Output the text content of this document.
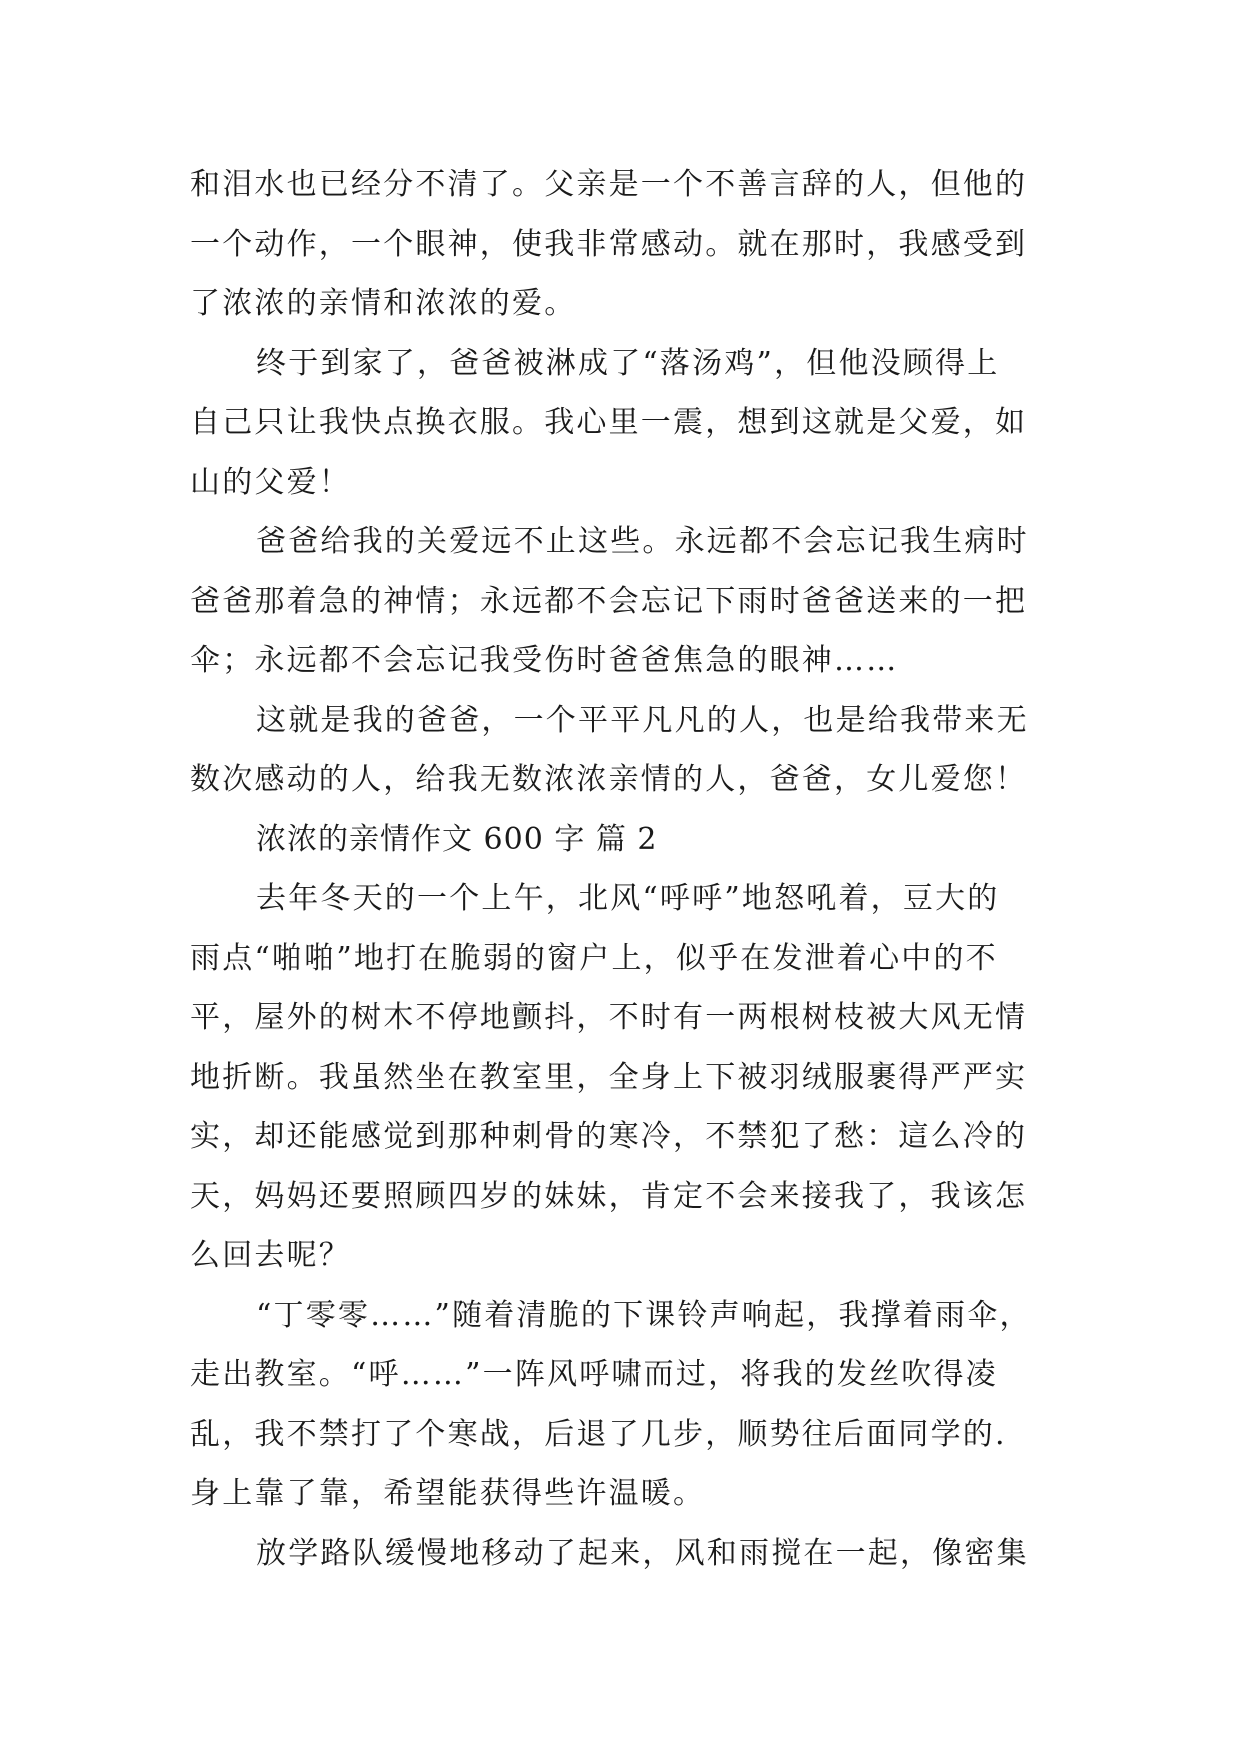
和泪水也已经分不清了。父亲是一个不善言辞的人，但他的
一个动作，一个眼神，使我非常感动。就在那时，我感受到
了浓浓的亲情和浓浓的爱。
终于到家了，爸爸被淋成了“落汤鸡”，但他没顾得上
自己只让我快点换衣服。我心里一震，想到这就是父爱，如
山的父爱！
爸爸给我的关爱远不止这些。永远都不会忘记我生病时
爸爸那着急的神情；永远都不会忘记下雨时爸爸送来的一把
伞；永远都不会忘记我受伤时爸爸焦急的眼神……
这就是我的爸爸，一个平平凡凡的人，也是给我带来无
数次感动的人，给我无数浓浓亲情的人，爸爸，女儿爱您！
浓浓的亲情作文 600 字 篇 2
去年冬天的一个上午，北风“呼呼”地怒吼着，豆大的
雨点“啪啪”地打在脆弱的窗户上，似乎在发泄着心中的不
平，屋外的树木不停地颤抖，不时有一两根树枝被大风无情
地折断。我虽然坐在教室里，全身上下被羽绒服裹得严严实
实，却还能感觉到那种刺骨的寒冷，不禁犯了愁：這么冷的
天，妈妈还要照顾四岁的妹妹，肯定不会来接我了，我该怎
么回去呢？
“丁零零……”随着清脆的下课铃声响起，我撑着雨伞，
走出教室。“呼……”一阵风呼啸而过，将我的发丝吹得凌
乱，我不禁打了个寒战，后退了几步，顺势往后面同学的.
身上靠了靠，希望能获得些许温暖。
放学路队缓慢地移动了起来，风和雨搅在一起，像密集
